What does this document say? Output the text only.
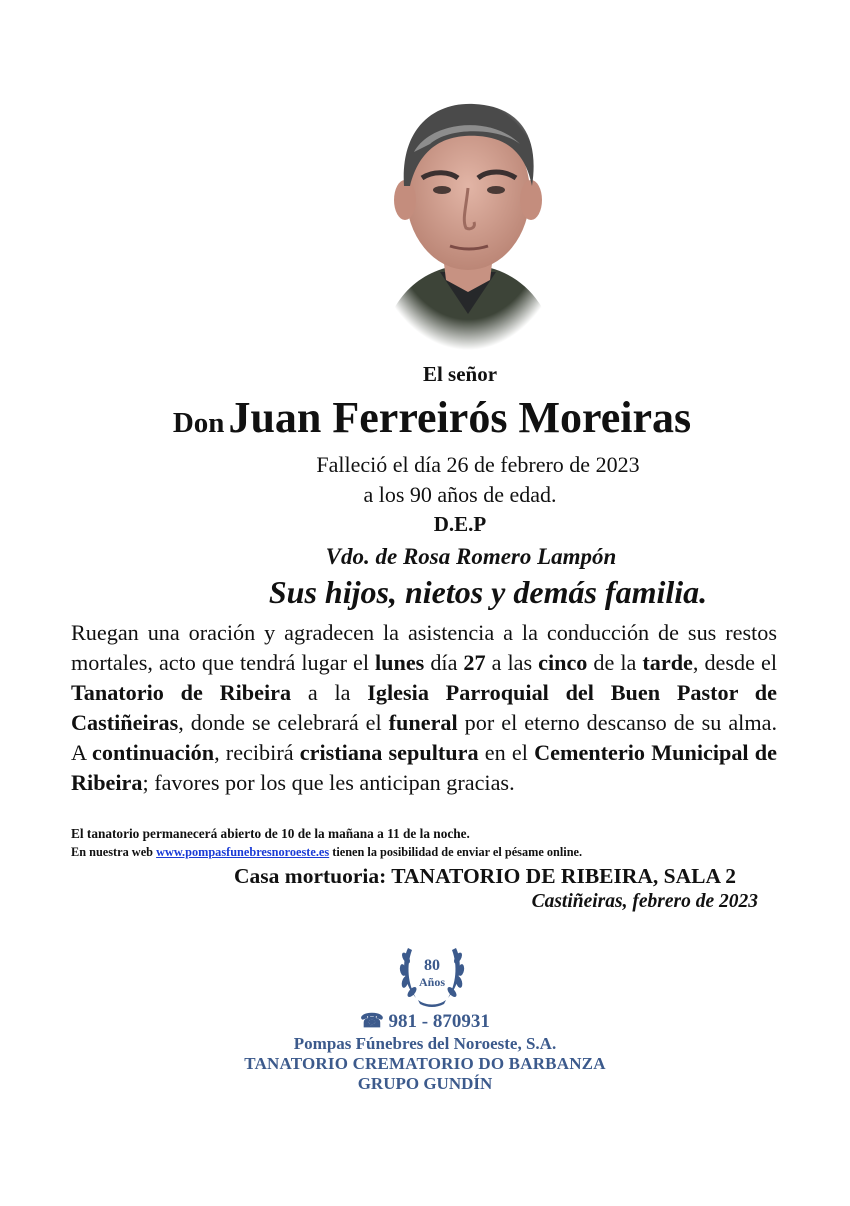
El señor
Don Juan Ferreirós Moreiras
Falleció el día 26 de febrero de 2023
a los 90 años de edad.
D.E.P
Vdo. de Rosa Romero Lampón
Sus hijos, nietos y demás familia.
Ruegan una oración y agradecen la asistencia a la conducción de sus restos mortales, acto que tendrá lugar el lunes día 27 a las cinco de la tarde, desde el Tanatorio de Ribeira a la Iglesia Parroquial del Buen Pastor de Castiñeiras, donde se celebrará el funeral por el eterno descanso de su alma. A continuación, recibirá cristiana sepultura en el Cementerio Municipal de Ribeira; favores por los que les anticipan gracias.
El tanatorio permanecerá abierto de 10 de la mañana a 11 de la noche.
En nuestra web www.pompasfunebresnoroeste.es tienen la posibilidad de enviar el pésame online.
Casa mortuoria: TANATORIO DE RIBEIRA, SALA 2
Castiñeiras, febrero de 2023
80
Años
☎ 981 - 870931
Pompas Fúnebres del Noroeste, S.A.
TANATORIO CREMATORIO DO BARBANZA
GRUPO GUNDÍN
